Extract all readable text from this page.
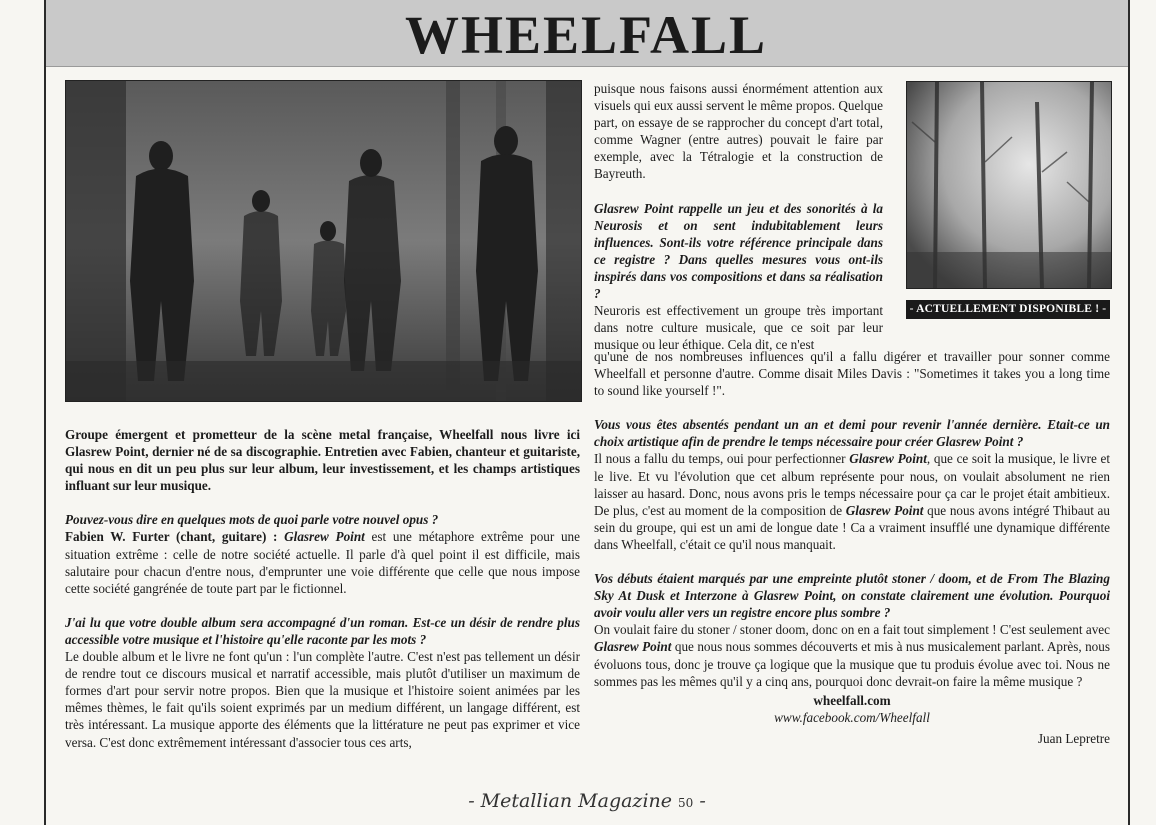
WHEELFALL
- ACTUELLEMENT DISPONIBLE ! -

Groupe émergent et prometteur de la scène metal française, Wheelfall nous livre ici Glasrew Point, dernier né de sa discographie. Entretien avec Fabien, chanteur et guitariste, qui nous en dit un peu plus sur leur album, leur investissement, et les champs artistiques influant sur leur musique.

Pouvez-vous dire en quelques mots de quoi parle votre nouvel opus ?

Fabien W. Furter (chant, guitare) : Glasrew Point est une métaphore extrême pour une situation extrême : celle de notre société actuelle. Il parle d'à quel point il est difficile, mais salutaire pour chacun d'entre nous, d'emprunter une voie différente que celle que nous impose cette société gangrénée de toute part par le fictionnel.

J'ai lu que votre double album sera accompagné d'un roman. Est-ce un désir de rendre plus accessible votre musique et l'histoire qu'elle raconte par les mots ?

Le double album et le livre ne font qu'un : l'un complète l'autre. C'est n'est pas tellement un désir de rendre tout ce discours musical et narratif accessible, mais plutôt d'utiliser un maximum de formes d'art pour servir notre propos. Bien que la musique et l'histoire soient animées par les mêmes thèmes, le fait qu'ils soient exprimés par un medium différent, un langage différent, est très intéressant. La musique apporte des éléments que la littérature ne peut pas exprimer et vice versa. C'est donc extrêmement intéressant d'associer tous ces arts,

puisque nous faisons aussi énormément attention aux visuels qui eux aussi servent le même propos. Quelque part, on essaye de se rapprocher du concept d'art total, comme Wagner (entre autres) pouvait le faire par exemple, avec la Tétralogie et la construction de Bayreuth.

Glasrew Point rappelle un jeu et des sonorités à la Neurosis et on sent indubitablement leurs influences. Sont-ils votre référence principale dans ce registre ? Dans quelles mesures vous ont-ils inspirés dans vos compositions et dans sa réalisation ?

Neuroris est effectivement un groupe très important dans notre culture musicale, que ce soit par leur musique ou leur éthique. Cela dit, ce n'est

qu'une de nos nombreuses influences qu'il a fallu digérer et travailler pour sonner comme Wheelfall et personne d'autre. Comme disait Miles Davis : "Sometimes it takes you a long time to sound like yourself !".

Vous vous êtes absentés pendant un an et demi pour revenir l'année dernière. Etait-ce un choix artistique afin de prendre le temps nécessaire pour créer Glasrew Point ?

Il nous a fallu du temps, oui pour perfectionner Glasrew Point, que ce soit la musique, le livre et le live. Et vu l'évolution que cet album représente pour nous, on voulait absolument ne rien laisser au hasard. Donc, nous avons pris le temps nécessaire pour ça car le projet était ambitieux. De plus, c'est au moment de la composition de Glasrew Point que nous avons intégré Thibaut au sein du groupe, qui est un ami de longue date ! Ca a vraiment insufflé une dynamique différente dans Wheelfall, c'était ce qu'il nous manquait.

Vos débuts étaient marqués par une empreinte plutôt stoner / doom, et de From The Blazing Sky At Dusk et Interzone à Glasrew Point, on constate clairement une évolution. Pourquoi avoir voulu aller vers un registre encore plus sombre ?

On voulait faire du stoner / stoner doom, donc on en a fait tout simplement ! C'est seulement avec Glasrew Point que nous nous sommes découverts et mis à nus musicalement parlant. Après, nous évoluons tous, donc je trouve ça logique que la musique que tu produis évolue avec toi. Nous ne sommes pas les mêmes qu'il y a cinq ans, pourquoi donc devrait-on faire la même musique ?

wheelfall.com

www.facebook.com/Wheelfall

Juan Lepretre

- Metallian Magazine 50 -
